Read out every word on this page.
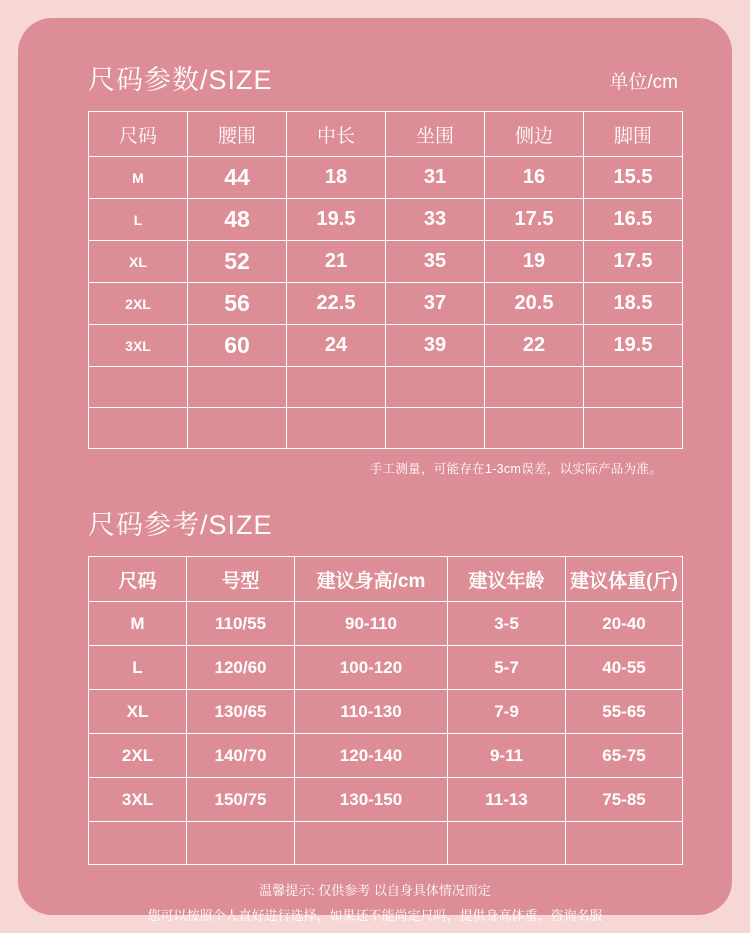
尺码参数/SIZE	单位/cm
尺码	腰围	中长	坐围	侧边	脚围
M	44	18	31	16	15.5
L	48	19.5	33	17.5	16.5
XL	52	21	35	19	17.5
2XL	56	22.5	37	20.5	18.5
3XL	60	24	39	22	19.5

手工测量，可能存在1-3cm误差，以实际产品为准。
尺码参考/SIZE
尺码	号型	建议身高/cm	建议年龄	建议体重(斤)
M	110/55	90-110	3-5	20-40
L	120/60	100-120	5-7	40-55
XL	130/65	110-130	7-9	55-65
2XL	140/70	120-140	9-11	65-75
3XL	150/75	130-150	11-13	75-85

温馨提示: 仅供参考 以自身具体情况而定
您可以按照个人直好进行选择，如果还不能尚定尺吗，提供身高体重，咨询名服
